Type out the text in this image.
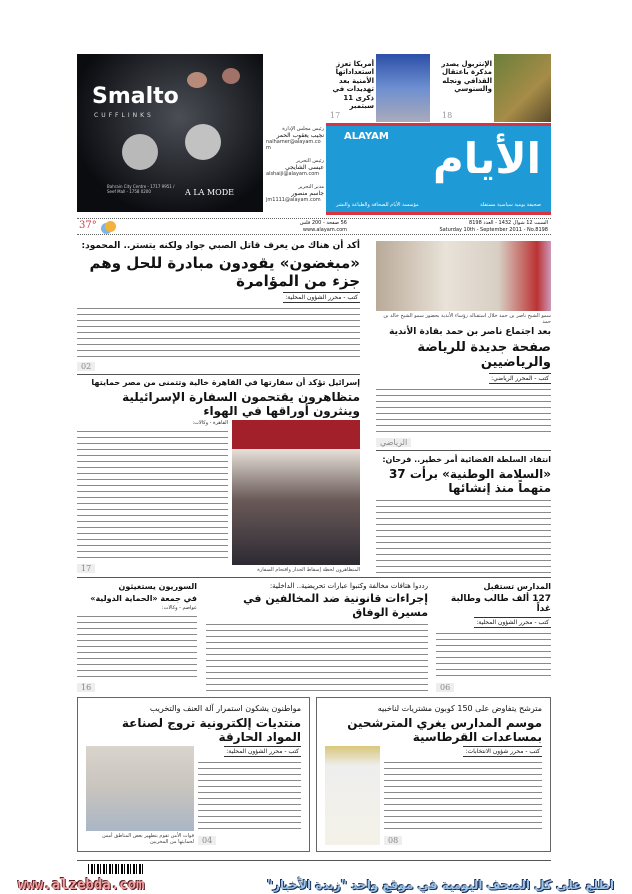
Smalto
CUFFLINKS
Bahrain City Centre - 1717 9951 / Seef Mall - 1758 0200	A LA MODE
الإنتربول يصدر مذكرة باعتقال القذافي ونجله والسنوسي
18
أمريكا تعزز استعداداتها الأمنية بعد تهديدات في ذكرى 11 سبتمبر
17
رئيس مجلس الإدارة
نجيب يعقوب الحمر
nalhamer@alayam.com
رئيس التحرير
عيسى الشايجي
alshaiji@alayam.com
مدير التحرير
جاسم منصور
jm1111@alayam.com
ALAYAM الأيام
صحيفة يومية سياسية مستقلة
مؤسسة الأيام للصحافة والطباعة والنشر
37°	56 صفحة - 200 فلس
www.alayam.com
السبت 12 شوال 1432 - العدد 8198
Saturday 10th - September 2011 - No.8198
أكد أن هناك من يعرف قاتل الصبي جواد ولكنه يتستر.. المحمود:
«مبغضون» يقودون مبادرة للحل وهم جزء من المؤامرة
كتب - محرر الشؤون المحلية:
02
سمو الشيخ ناصر بن حمد خلال استقباله رؤساء الأندية بحضور سمو الشيخ خالد بن حمد
بعد اجتماع ناصر بن حمد بقادة الأندية
صفحة جديدة للرياضة والرياضيين
كتب - المحرر الرياضي:
الرياضي
إسرائيل تؤكد أن سفارتها في القاهرة خالية وتتمنى من مصر حمايتها
متظاهرون يقتحمون السفارة الإسرائيلية وينثرون أوراقها في الهواء
المتظاهرون لحظة إسقاط الجدار واقتحام السفارة
القاهرة - وكالات:
17
انتقاد السلطة القضائية أمر خطير.. فرحان:
«السلامة الوطنية» برأت 37 متهماً منذ إنشائها
المدارس تستقبل
127 ألف طالب وطالبة غداً
كتب - محرر الشؤون المحلية:
06
رددوا هتافات مخالفة وكتبوا عبارات تحريضية.. الداخلية:
إجراءات قانونية ضد المخالفين في مسيرة الوفاق
السوريون يستغيثون
في جمعة «الحماية الدولية»
عواصم - وكالات:
16
مترشح يتفاوض على 150 كوبون مشتريات لناخبيه
موسم المدارس يغري المترشحين بمساعدات القرطاسية
كتب - محرر شؤون الانتخابات:
08
مواطنون يشكون استمرار آلة العنف والتخريب
منتديات إلكترونية تروج لصناعة المواد الحارقة
كتب - محرر الشؤون المحلية:
04
قوات الأمن تقوم بتطهير بعض المناطق أمس لحمايتها من المخربين
www.alzebda.com	اطلع على كل الصحف اليومية في موقع واحد "زبدة الأخبار"
